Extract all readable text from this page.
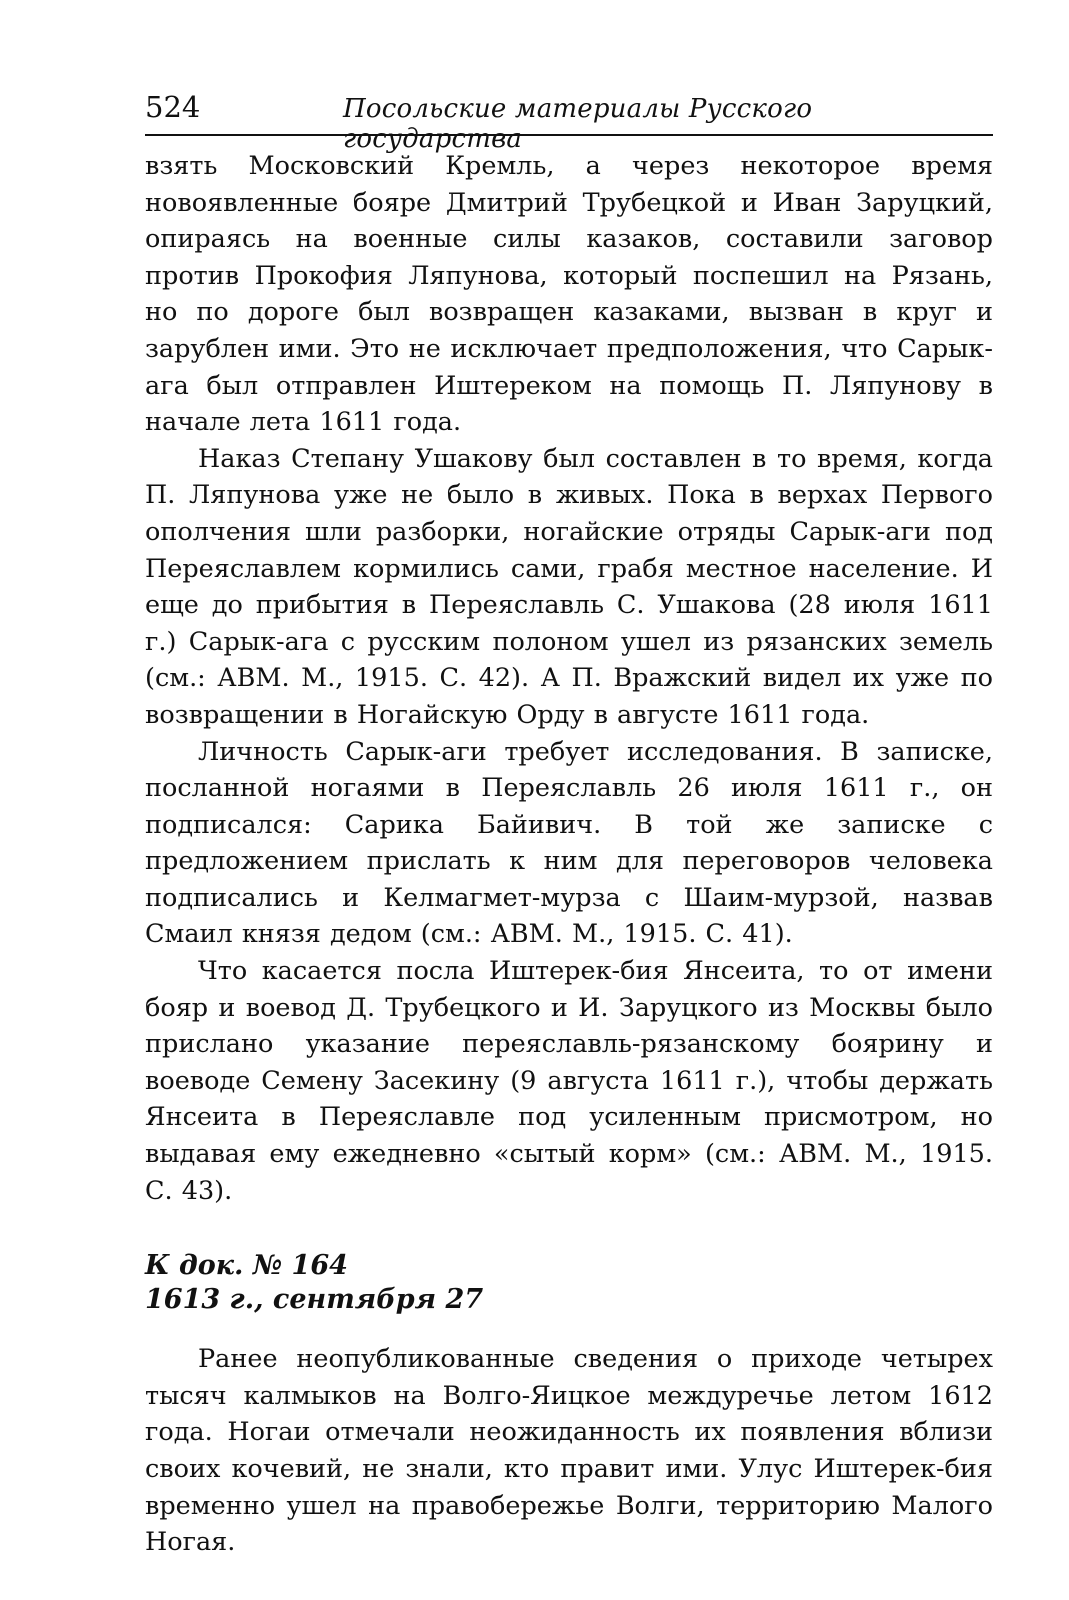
524	Посольские материалы Русского государства

взять Московский Кремль, а через некоторое время новоявленные бояре Дмитрий Трубецкой и Иван Заруцкий, опираясь на военные силы казаков, составили заговор против Прокофия Ляпунова, который поспешил на Рязань, но по дороге был возвращен казаками, вызван в круг и зарублен ими. Это не исключает предположения, что Сарык-ага был отправлен Иштереком на помощь П. Ляпунову в начале лета 1611 года.

Наказ Степану Ушакову был составлен в то время, когда П. Ляпунова уже не было в живых. Пока в верхах Первого ополчения шли разборки, ногайские отряды Сарык-аги под Переяславлем кормились сами, грабя местное население. И еще до прибытия в Переяславль С. Ушакова (28 июля 1611 г.) Сарык-ага с русским полоном ушел из рязанских земель (см.: АВМ. М., 1915. С. 42). А П. Вражский видел их уже по возвращении в Ногайскую Орду в августе 1611 года.

Личность Сарык-аги требует исследования. В записке, посланной ногаями в Переяславль 26 июля 1611 г., он подписался: Сарика Байивич. В той же записке с предложением прислать к ним для переговоров человека подписались и Келмагмет-мурза с Шаим-мурзой, назвав Смаил князя дедом (см.: АВМ. М., 1915. С. 41).

Что касается посла Иштерек-бия Янсеита, то от имени бояр и воевод Д. Трубецкого и И. Заруцкого из Москвы было прислано указание переяславль-рязанскому боярину и воеводе Семену Засекину (9 августа 1611 г.), чтобы держать Янсеита в Переяславле под усиленным присмотром, но выдавая ему ежедневно «сытый корм» (см.: АВМ. М., 1915. С. 43).

К док. № 164
1613 г., сентября 27

Ранее неопубликованные сведения о приходе четырех тысяч калмыков на Волго-Яицкое междуречье летом 1612 года. Ногаи отмечали неожиданность их появления вблизи своих кочевий, не знали, кто правит ими. Улус Иштерек-бия временно ушел на правобережье Волги, территорию Малого Ногая.
